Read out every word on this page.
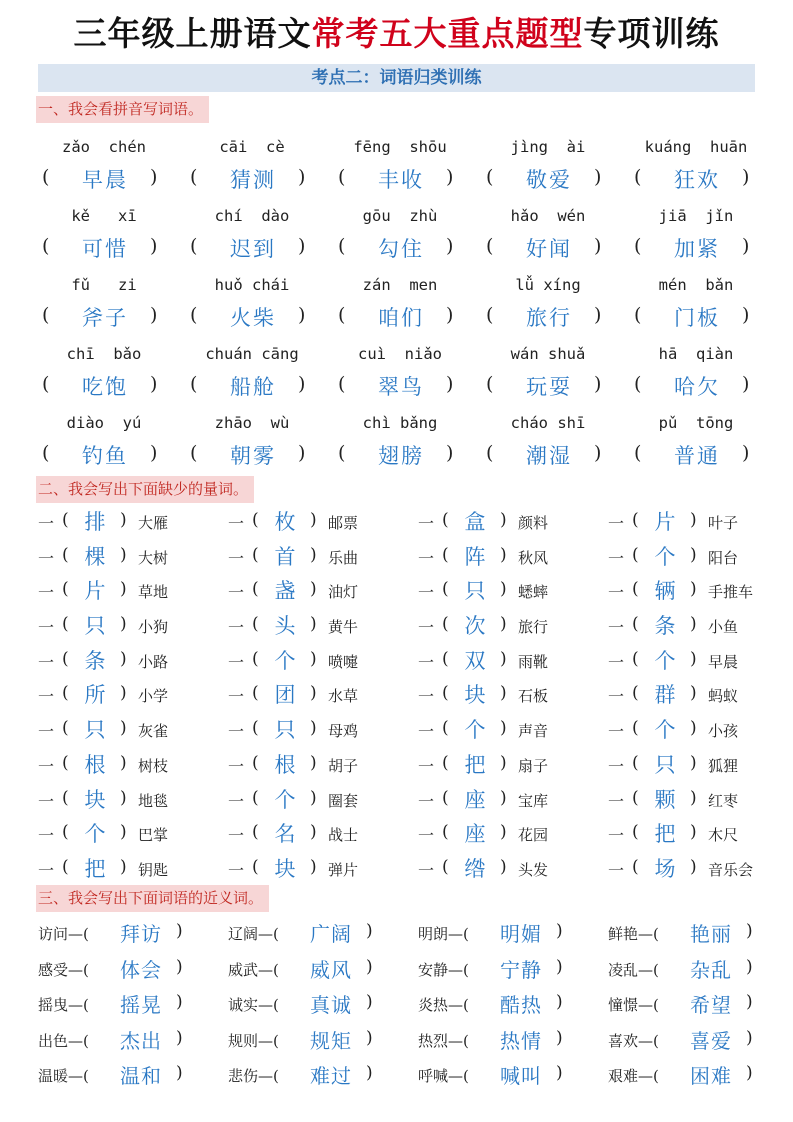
三年级上册语文常考五大重点题型专项训练
考点二：词语归类训练
一、我会看拼音写词语。
zǎo  chén
(	早晨	)
cāi  cè
(	猜测	)
fēng  shōu
(	丰收	)
jìng  ài
(	敬爱	)
kuáng  huān
(	狂欢	)
kě   xī
(	可惜	)
chí  dào
(	迟到	)
gōu  zhù
(	勾住	)
hǎo  wén
(	好闻	)
jiā  jǐn
(	加紧	)
fǔ   zi
(	斧子	)
huǒ chái
(	火柴	)
zán  men
(	咱们	)
lǚ xíng
(	旅行	)
mén  bǎn
(	门板	)
chī  bǎo
(	吃饱	)
chuán cāng
(	船舱	)
cuì  niǎo
(	翠鸟	)
wán shuǎ
(	玩耍	)
hā  qiàn
(	哈欠	)
diào  yú
(	钓鱼	)
zhāo  wù
(	朝雾	)
chì bǎng
(	翅膀	)
cháo shī
(	潮湿	)
pǔ  tōng
(	普通	)
二、我会写出下面缺少的量词。
一 ( 排 ) 大雁	一 ( 枚 ) 邮票	一 ( 盒 ) 颜料	一 ( 片 ) 叶子
一 ( 棵 ) 大树	一 ( 首 ) 乐曲	一 ( 阵 ) 秋风	一 ( 个 ) 阳台
一 ( 片 ) 草地	一 ( 盏 ) 油灯	一 ( 只 ) 蟋蟀	一 ( 辆 ) 手推车
一 ( 只 ) 小狗	一 ( 头 ) 黄牛	一 ( 次 ) 旅行	一 ( 条 ) 小鱼
一 ( 条 ) 小路	一 ( 个 ) 喷嚏	一 ( 双 ) 雨靴	一 ( 个 ) 早晨
一 ( 所 ) 小学	一 ( 团 ) 水草	一 ( 块 ) 石板	一 ( 群 ) 蚂蚁
一 ( 只 ) 灰雀	一 ( 只 ) 母鸡	一 ( 个 ) 声音	一 ( 个 ) 小孩
一 ( 根 ) 树枝	一 ( 根 ) 胡子	一 ( 把 ) 扇子	一 ( 只 ) 狐狸
一 ( 块 ) 地毯	一 ( 个 ) 圈套	一 ( 座 ) 宝库	一 ( 颗 ) 红枣
一 ( 个 ) 巴掌	一 ( 名 ) 战士	一 ( 座 ) 花园	一 ( 把 ) 木尺
一 ( 把 ) 钥匙	一 ( 块 ) 弹片	一 ( 绺 ) 头发	一 ( 场 ) 音乐会
三、我会写出下面词语的近义词。
访问—(	拜访 )	辽阔—(	广阔 )	明朗—(	明媚 )	鲜艳—(	艳丽 )
感受—(	体会 )	威武—(	威风 )	安静—(	宁静 )	凌乱—(	杂乱 )
摇曳—(	摇晃 )	诚实—(	真诚 )	炎热—(	酷热 )	憧憬—(	希望 )
出色—(	杰出 )	规则—(	规矩 )	热烈—(	热情 )	喜欢—(	喜爱 )
温暖—(	温和 )	悲伤—(	难过 )	呼喊—(	喊叫 )	艰难—(	困难 )
